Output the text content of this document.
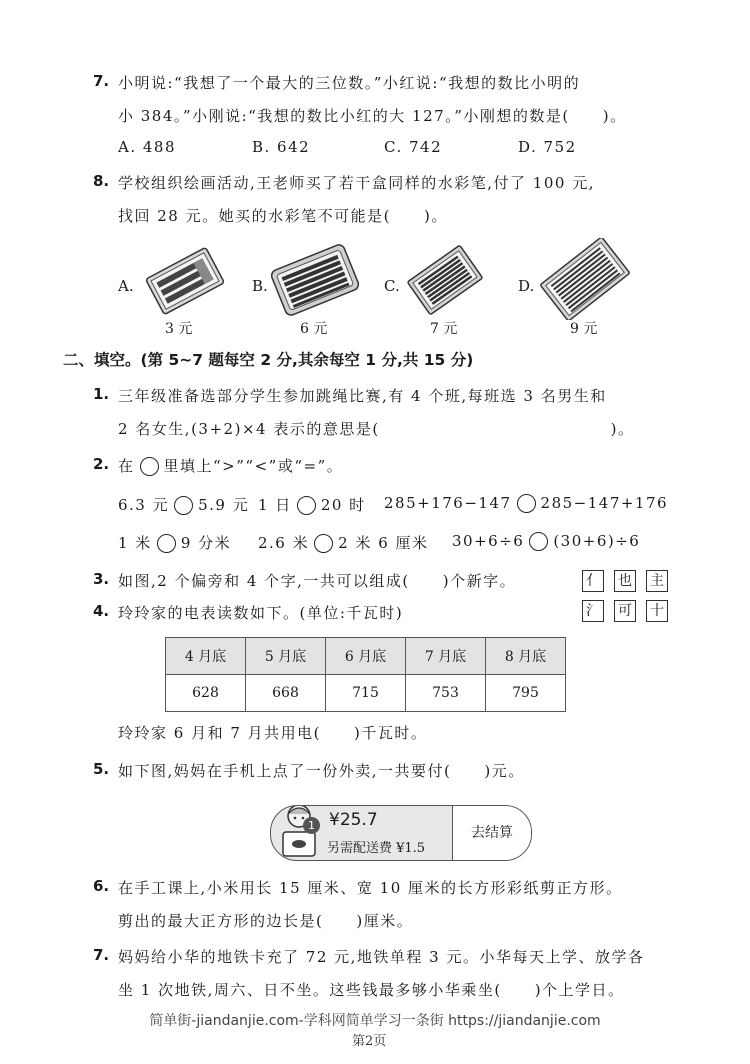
7. 小明说:“我想了一个最大的三位数。”小红说:“我想的数比小明的
小 384。”小刚说:“我想的数比小红的大 127。”小刚想的数是(　　)。
A. 488	B. 642	C. 742	D. 752
8. 学校组织绘画活动,王老师买了若干盒同样的水彩笔,付了 100 元,
找回 28 元。她买的水彩笔不可能是(　　)。
A.	B.	C.	D.
3 元	6 元	7 元	9 元
二、填空。(第 5~7 题每空 2 分,其余每空 1 分,共 15 分)
1. 三年级准备选部分学生参加跳绳比赛,有 4 个班,每班选 3 名男生和
2 名女生,(3+2)×4 表示的意思是(　　　　　　　　　　　　　　)。
2. 在 里填上“>”“<”或“=”。
6.3 元 5.9 元 1 日 20 时 285+176−147 285−147+176
1 米 9 分米 2.6 米 2 米 6 厘米 30+6÷6 (30+6)÷6
3. 如图,2 个偏旁和 4 个字,一共可以组成(　　)个新字。	亻 也 主
氵 可 十
4. 玲玲家的电表读数如下。(单位:千瓦时)
4 月底	5 月底	6 月底	7 月底	8 月底
628	668	715	753	795
玲玲家 6 月和 7 月共用电(　　)千瓦时。
5. 如下图,妈妈在手机上点了一份外卖,一共要付(　　)元。
1 ¥25.7
另需配送费 ¥1.5
去结算
6. 在手工课上,小米用长 15 厘米、宽 10 厘米的长方形彩纸剪正方形。
剪出的最大正方形的边长是(　　)厘米。
7. 妈妈给小华的地铁卡充了 72 元,地铁单程 3 元。小华每天上学、放学各
坐 1 次地铁,周六、日不坐。这些钱最多够小华乘坐(　　)个上学日。
简单街-jiandanjie.com-学科网简单学习一条街 https://jiandanjie.com
第2页
